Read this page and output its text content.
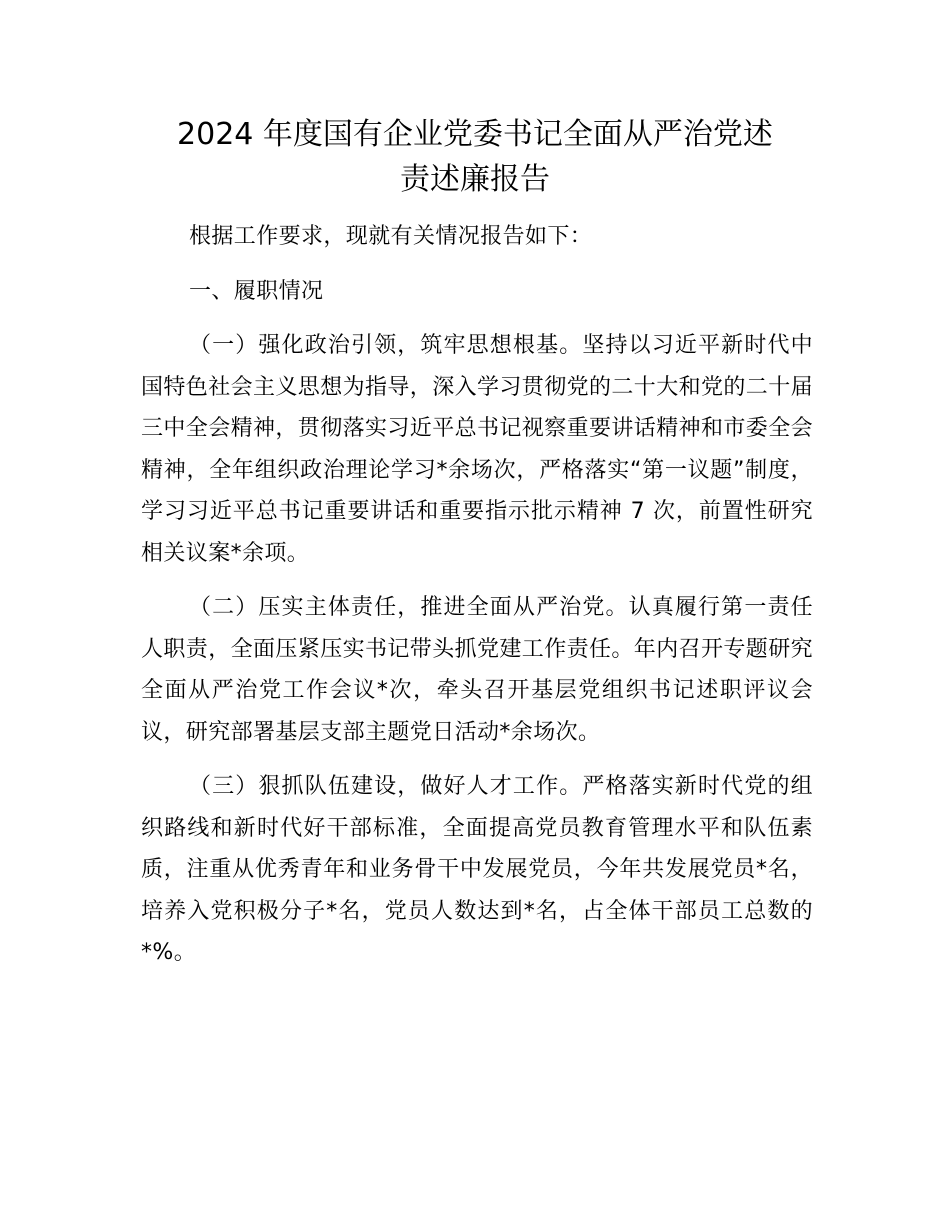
2024 年度国有企业党委书记全面从严治党述
责述廉报告

根据工作要求，现就有关情况报告如下：

一、履职情况

（一）强化政治引领，筑牢思想根基。坚持以习近平新时代中国特色社会主义思想为指导，深入学习贯彻党的二十大和党的二十届三中全会精神，贯彻落实习近平总书记视察重要讲话精神和市委全会精神，全年组织政治理论学习*余场次，严格落实“第一议题”制度，学习习近平总书记重要讲话和重要指示批示精神 7 次，前置性研究相关议案*余项。

（二）压实主体责任，推进全面从严治党。认真履行第一责任人职责，全面压紧压实书记带头抓党建工作责任。年内召开专题研究全面从严治党工作会议*次，牵头召开基层党组织书记述职评议会议，研究部署基层支部主题党日活动*余场次。

（三）狠抓队伍建设，做好人才工作。严格落实新时代党的组织路线和新时代好干部标准，全面提高党员教育管理水平和队伍素质，注重从优秀青年和业务骨干中发展党员，今年共发展党员*名，培养入党积极分子*名，党员人数达到*名，占全体干部员工总数的*%。
